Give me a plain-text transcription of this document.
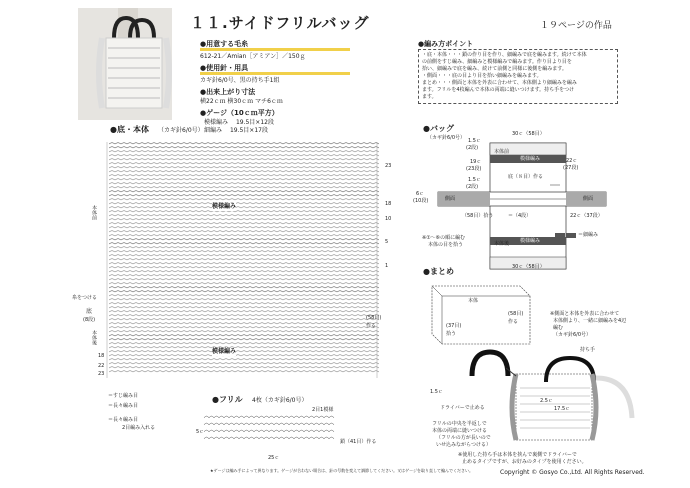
１１.サイドフリルバッグ	１９ページの作品
●用意する毛糸
612-21／Amian［アミアン］／150ｇ
●使用針・用具
カギ針6/0号、黒の持ち手1組
●出来上がり寸法
横22ｃｍ 横30ｃｍ マチ6ｃｍ
●ゲージ（10ｃｍ平方）
模様編み 19.5目×12段
細編み 19.5目×17段
●編み方ポイント
・底・本体・・・鎖の作り目を作り、細編みで底を編みます。続けて本体
の前側をすじ編み、細編みと模様編みで編みます。作り目より目を
拾い、細編みで底を編み、続けて前側と同様に後側を編みます。
・側面・・・底の目より目を拾い細編みを編みます。
まとめ・・・側面と本体を外表に合わせて、本体側より細編みを編み
ます。フリルを4枚編んで本体の両端に縫いつけます。持ち手をつけ
ます。
●底・本体 （カギ針6/0号）
模様編み
模様編み
本体前
底
(8段)
本体後
糸をつける
(58目)作る
23
18
10
5
1
18
22
23
＝すじ編み目
＝長々編み目
＝長々編み目
2目編み入れる
●フリル 4枚（カギ針6/0号）
2目1模様
5ｃ
25ｃ
鎖（41目）作る
●バッグ
（カギ針6/0号）
30ｃ（58目）
30ｃ（58目）
1.5ｃ
(2段)
19ｃ
(23段)
1.5ｃ
(2段)
22ｃ
(27段)
本体前
本体後
模様編み
模様編み
底（８目）作る
6ｃ
(10段)	側面	側面
（58目）拾う	＝（4段）	22ｃ（37段）
※①～⑥の順に編む
本体の目を拾う
＝細編み
●まとめ
本体
(37目)拾う
(58目)作る
※側面と本体を外表に合わせて
本体側より、一緒に細編みを4辺
編む
（カギ針6/0号）
持ち手
1.5ｃ
ドライバーで止める
2.5ｃ
17.5ｃ
フリルの中央を半返しで
本体の両端に縫いつける
（フリルの方が長いので
いせ込みながらつける）
※使用した持ち手は本体を挟んで裏側でドライバーで
止めるタイプですが、お好みのタイプを使用ください。
★ゲージは編み手によって異なります。ゲージが合わない場合は、針の号数を変えて調節してください。又はゲージを取り直して編んでください。	Copyright © Gosyo Co.,Ltd. All Rights Reserved.
